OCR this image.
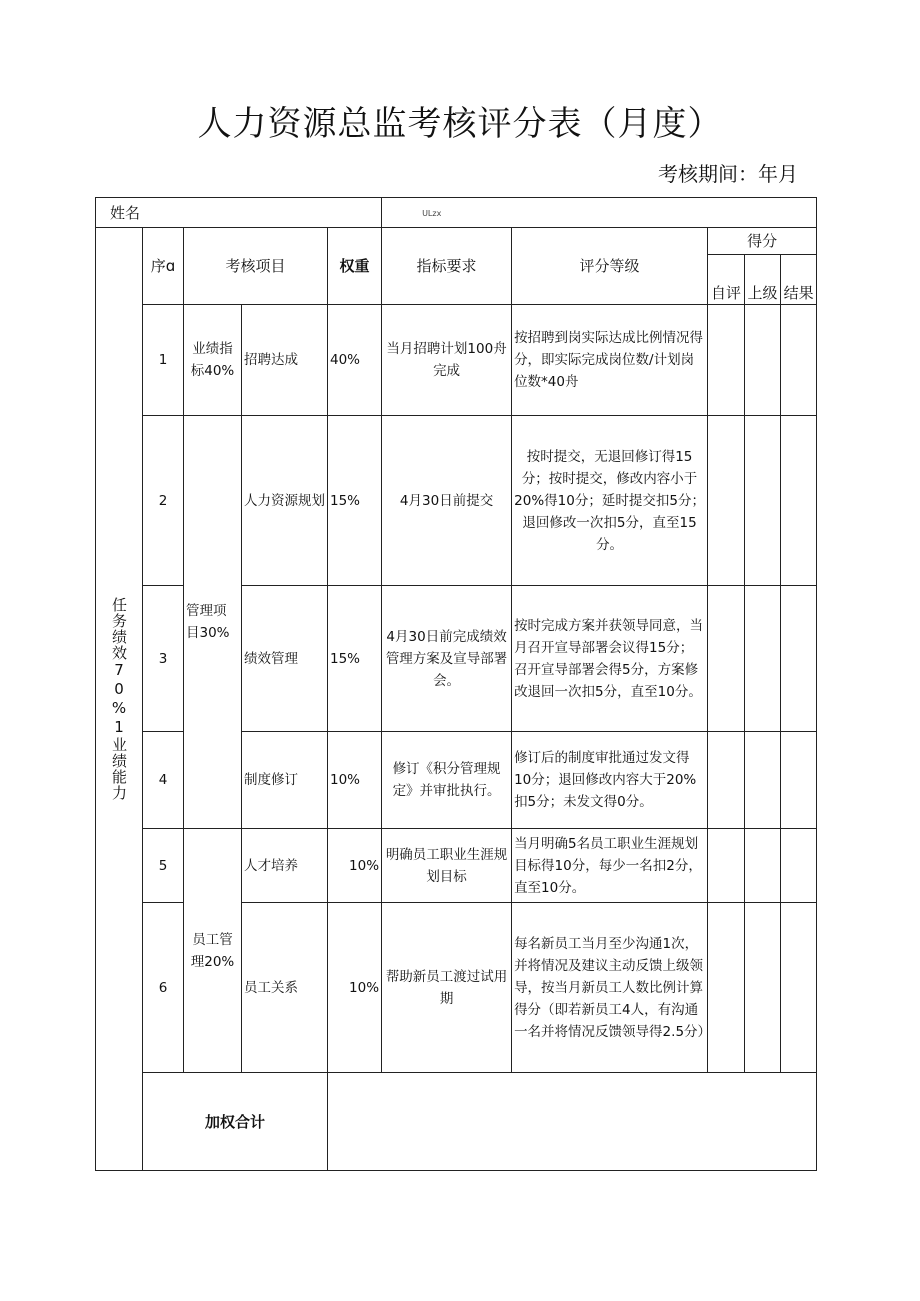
人力资源总监考核评分表（月度）
考核期间：年月
姓名					ULzx				

任务绩效70%1业绩能力	序ɑ	考核项目		权重	指标要求	评分等级	得分		
							自评	上级	结果
	1	业绩指标40%	招聘达成	40%	当月招聘计划100舟完成	按招聘到岗实际达成比例情况得分，即实际完成岗位数/计划岗位数*40舟			
	2	管理项目30%	人力资源规划	15%	4月30日前提交	按时提交，无退回修订得15分；按时提交，修改内容小于20%得10分；延时提交扣5分；退回修改一次扣5分，直至15分。			
	3		绩效管理	15%	4月30日前完成绩效管理方案及宣导部署会。	按时完成方案并获领导同意，当月召开宣导部署会议得15分；召开宣导部署会得5分，方案修改退回一次扣5分，直至10分。			
	4		制度修订	10%	修订《积分管理规定》并审批执行。	修订后的制度审批通过发文得10分；退回修改内容大于20%扣5分；未发文得0分。			
	5	员工管理20%	人才培养	10%	明确员工职业生涯规划目标	当月明确5名员工职业生涯规划目标得10分，每少一名扣2分，直至10分。			
	6		员工关系	10%	帮助新员工渡过试用期	每名新员工当月至少沟通1次，并将情况及建议主动反馈上级领导，按当月新员工人数比例计算得分（即若新员工4人，有沟通一名并将情况反馈领导得2.5分）			
	加权合计								
